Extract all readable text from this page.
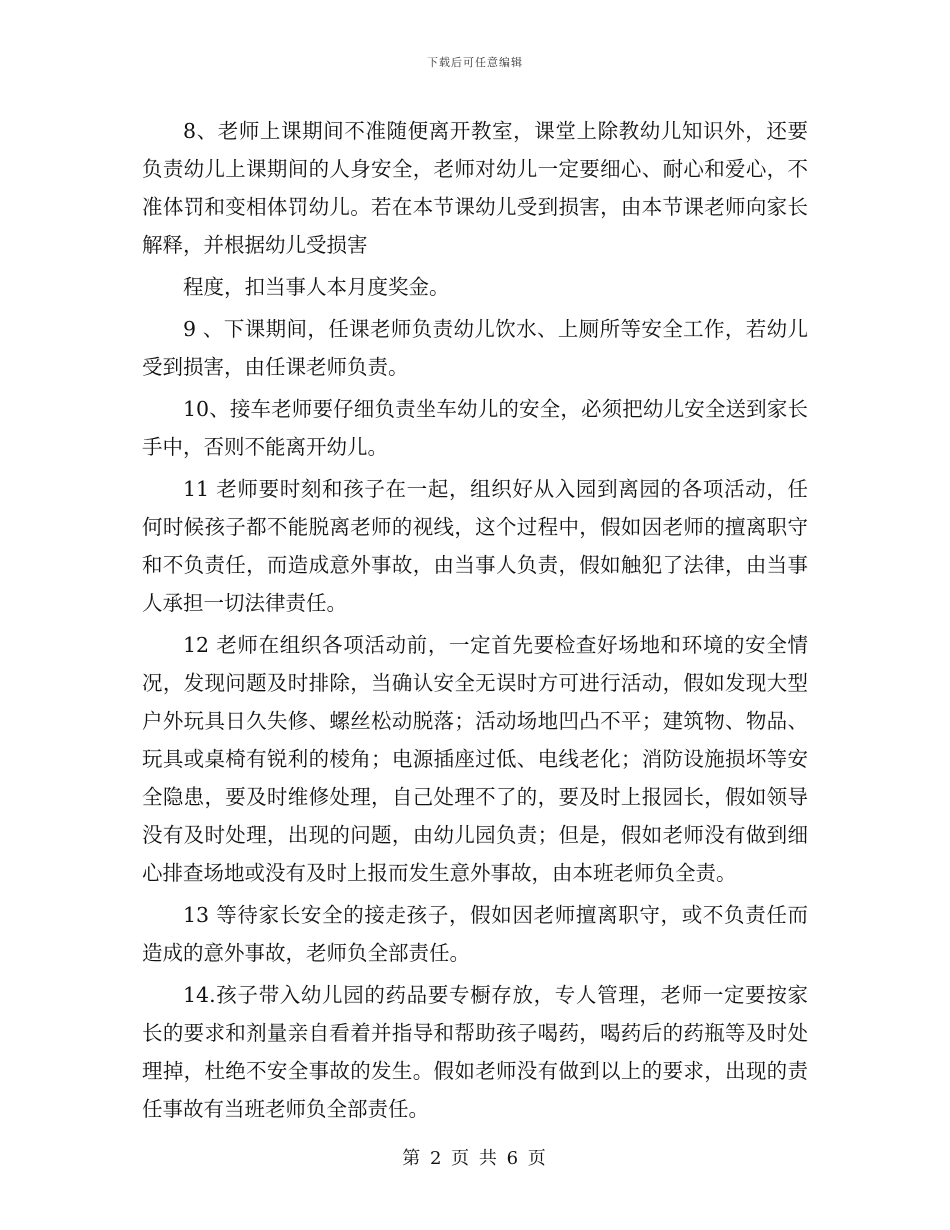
下载后可任意编辑

8、老师上课期间不准随便离开教室，课堂上除教幼儿知识外，还要负责幼儿上课期间的人身安全，老师对幼儿一定要细心、耐心和爱心，不准体罚和变相体罚幼儿。若在本节课幼儿受到损害，由本节课老师向家长解释，并根据幼儿受损害

程度，扣当事人本月度奖金。

9 、下课期间，任课老师负责幼儿饮水、上厕所等安全工作，若幼儿受到损害，由任课老师负责。

10、接车老师要仔细负责坐车幼儿的安全，必须把幼儿安全送到家长手中，否则不能离开幼儿。

11 老师要时刻和孩子在一起，组织好从入园到离园的各项活动，任何时候孩子都不能脱离老师的视线，这个过程中，假如因老师的擅离职守和不负责任，而造成意外事故，由当事人负责，假如触犯了法律，由当事人承担一切法律责任。

12 老师在组织各项活动前，一定首先要检查好场地和环境的安全情况，发现问题及时排除，当确认安全无误时方可进行活动，假如发现大型户外玩具日久失修、螺丝松动脱落；活动场地凹凸不平；建筑物、物品、玩具或桌椅有锐利的棱角；电源插座过低、电线老化；消防设施损坏等安全隐患，要及时维修处理，自己处理不了的，要及时上报园长，假如领导没有及时处理，出现的问题，由幼儿园负责；但是，假如老师没有做到细心排查场地或没有及时上报而发生意外事故，由本班老师负全责。

13 等待家长安全的接走孩子，假如因老师擅离职守，或不负责任而造成的意外事故，老师负全部责任。

14.孩子带入幼儿园的药品要专橱存放，专人管理，老师一定要按家长的要求和剂量亲自看着并指导和帮助孩子喝药，喝药后的药瓶等及时处理掉，杜绝不安全事故的发生。假如老师没有做到以上的要求，出现的责任事故有当班老师负全部责任。

第 2 页 共 6 页
